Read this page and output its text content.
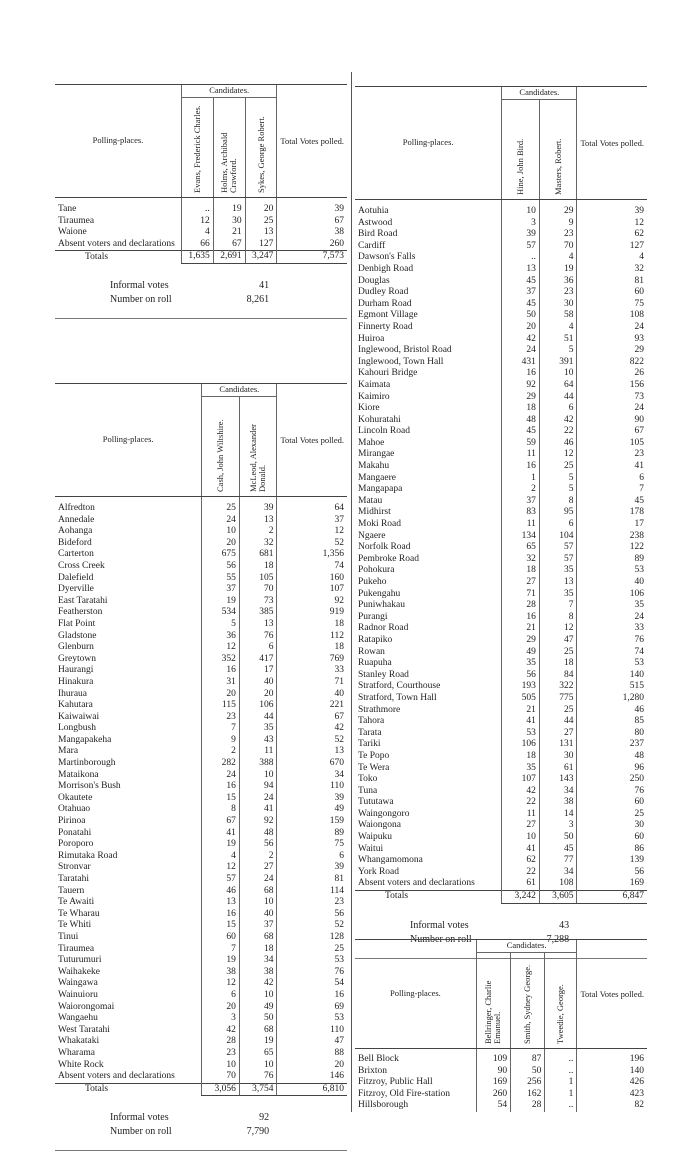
Polling-places.	Candidates.			Total Votes polled.

	Evans, Frederick Charles.	Holms, Archibald Crawford.	Sykes, George Robert.	

Tane	..	19	20	39
Tiraumea	12	30	25	67
Waione	4	21	13	38
Absent voters and declarations	66	67	127	260
Totals	1,635	2,691	3,247	7,573
Informal votes	41
Number on roll	8,261

Polling-places.	Candidates.		Total Votes polled.

	Cash, John Wiltshire.	McLeod, Alexander Donald.	

Alfredton	25	39	64
Annedale	24	13	37
Aohanga	10	2	12
Bideford	20	32	52
Carterton	675	681	1,356
Cross Creek	56	18	74
Dalefield	55	105	160
Dyerville	37	70	107
East Taratahi	19	73	92
Featherston	534	385	919
Flat Point	5	13	18
Gladstone	36	76	112
Glenburn	12	6	18
Greytown	352	417	769
Haurangi	16	17	33
Hinakura	31	40	71
Ihuraua	20	20	40
Kahutara	115	106	221
Kaiwaiwai	23	44	67
Longbush	7	35	42
Mangapakeha	9	43	52
Mara	2	11	13
Martinborough	282	388	670
Mataikona	24	10	34
Morrison's Bush	16	94	110
Okautete	15	24	39
Otahuao	8	41	49
Pirinoa	67	92	159
Ponatahi	41	48	89
Poroporo	19	56	75
Rimutaka Road	4	2	6
Stronvar	12	27	39
Taratahi	57	24	81
Tauern	46	68	114
Te Awaiti	13	10	23
Te Wharau	16	40	56
Te Whiti	15	37	52
Tinui	60	68	128
Tiraumea	7	18	25
Tuturumuri	19	34	53
Waihakeke	38	38	76
Waingawa	12	42	54
Wainuioru	6	10	16
Waiorongomai	20	49	69
Wangaehu	3	50	53
West Taratahi	42	68	110
Whakataki	28	19	47
Wharama	23	65	88
White Rock	10	10	20
Absent voters and declarations	70	76	146
Totals	3,056	3,754	6,810
Informal votes	92
Number on roll	7,790

Polling-places.	Candidates.		Total Votes polled.

	Hine, John Bird.	Masters, Robert.	

Aotuhia	10	29	39
Astwood	3	9	12
Bird Road	39	23	62
Cardiff	57	70	127
Dawson's Falls	..	4	4
Denbigh Road	13	19	32
Douglas	45	36	81
Dudley Road	37	23	60
Durham Road	45	30	75
Egmont Village	50	58	108
Finnerty Road	20	4	24
Huiroa	42	51	93
Inglewood, Bristol Road	24	5	29
Inglewood, Town Hall	431	391	822
Kahouri Bridge	16	10	26
Kaimata	92	64	156
Kaimiro	29	44	73
Kiore	18	6	24
Kohuratahi	48	42	90
Lincoln Road	45	22	67
Mahoe	59	46	105
Mirangae	11	12	23
Makahu	16	25	41
Mangaere	1	5	6
Mangapapa	2	5	7
Matau	37	8	45
Midhirst	83	95	178
Moki Road	11	6	17
Ngaere	134	104	238
Norfolk Road	65	57	122
Pembroke Road	32	57	89
Pohokura	18	35	53
Pukeho	27	13	40
Pukengahu	71	35	106
Puniwhakau	28	7	35
Purangi	16	8	24
Radnor Road	21	12	33
Ratapiko	29	47	76
Rowan	49	25	74
Ruapuha	35	18	53
Stanley Road	56	84	140
Stratford, Courthouse	193	322	515
Stratford, Town Hall	505	775	1,280
Strathmore	21	25	46
Tahora	41	44	85
Tarata	53	27	80
Tariki	106	131	237
Te Popo	18	30	48
Te Wera	35	61	96
Toko	107	143	250
Tuna	42	34	76
Tututawa	22	38	60
Waingongoro	11	14	25
Waiongona	27	3	30
Waipuku	10	50	60
Waitui	41	45	86
Whangamomona	62	77	139
York Road	22	34	56
Absent voters and declarations	61	108	169
Totals	3,242	3,605	6,847
Informal votes	43
Number on roll	7,288

Polling-places.	Candidates.			Total Votes polled.

	Bellringer, Charlie Emanuel.	Smith, Sydney George.	Tweedie, George.	

Bell Block	109	87	..	196
Brixton	90	50	..	140
Fitzroy, Public Hall	169	256	1	426
Fitzroy, Old Fire-station	260	162	1	423
Hillsborough	54	28	..	82
